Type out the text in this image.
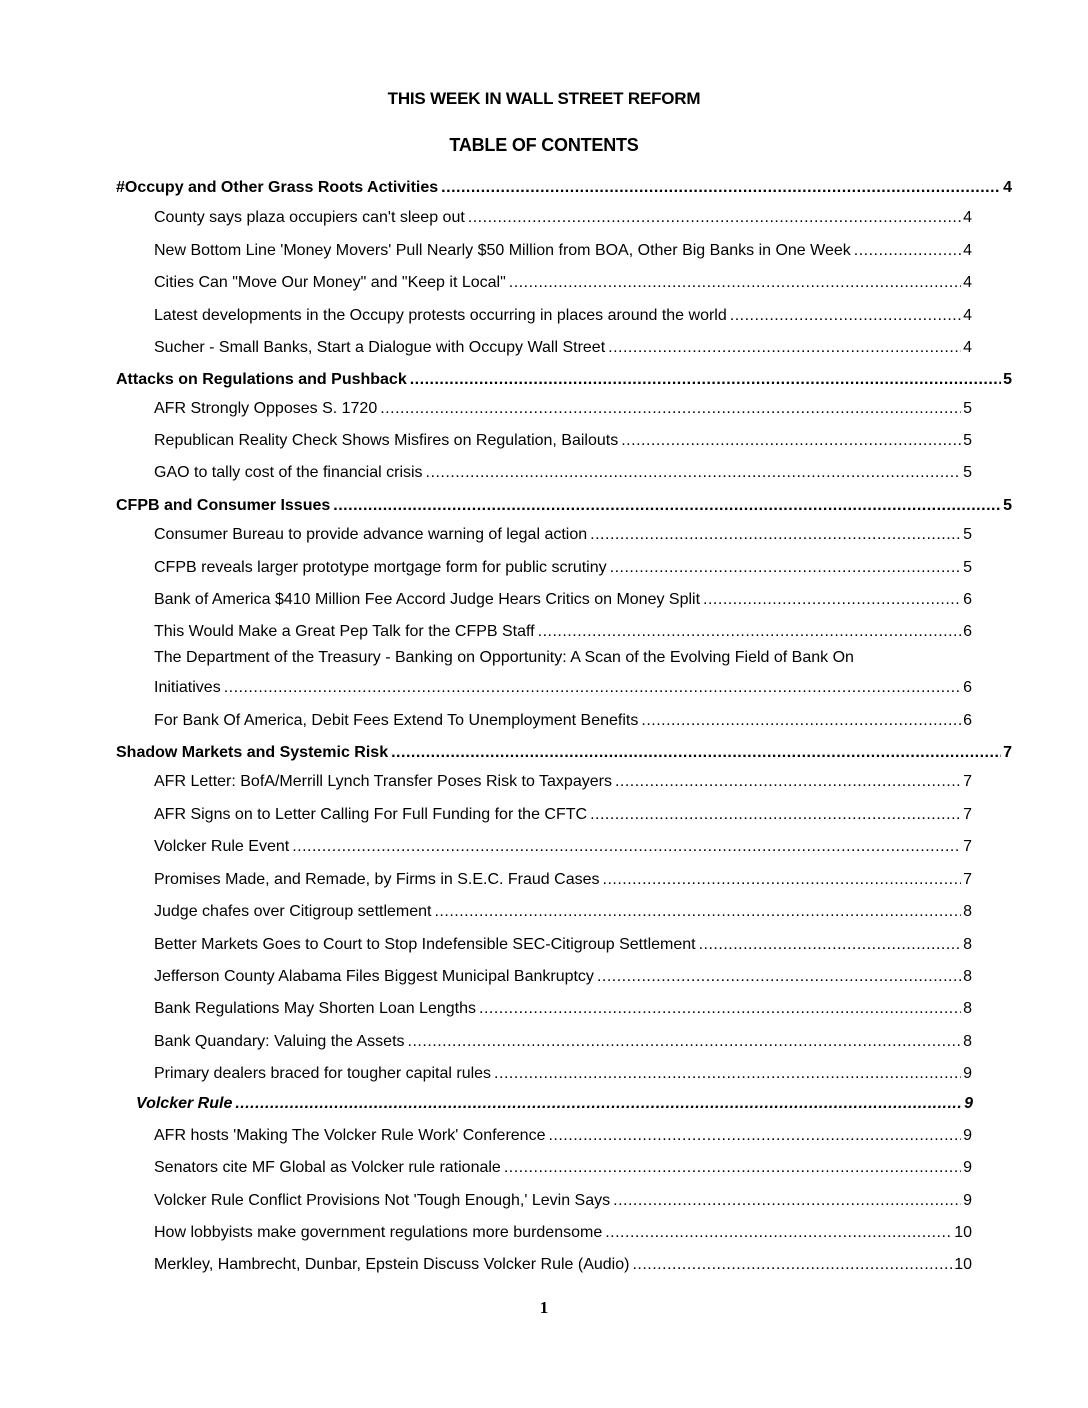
THIS WEEK IN WALL STREET REFORM
TABLE OF CONTENTS
#Occupy and Other Grass Roots Activities .....	4
County says plaza occupiers can't sleep out .....	4
New Bottom Line 'Money Movers' Pull Nearly $50 Million from BOA, Other Big Banks in One Week .....	4
Cities Can "Move Our Money" and "Keep it Local" .....	4
Latest developments in the Occupy protests occurring in places around the world .....	4
Sucher - Small Banks, Start a Dialogue with Occupy Wall Street .....	4
Attacks on Regulations and Pushback .....	5
AFR Strongly Opposes S. 1720 .....	5
Republican Reality Check Shows Misfires on Regulation, Bailouts .....	5
GAO to tally cost of the financial crisis .....	5
CFPB and Consumer Issues .....	5
Consumer Bureau to provide advance warning of legal action .....	5
CFPB reveals larger prototype mortgage form for public scrutiny .....	5
Bank of America $410 Million Fee Accord Judge Hears Critics on Money Split .....	6
This Would Make a Great Pep Talk for the CFPB Staff .....	6
The Department of the Treasury - Banking on Opportunity: A Scan of the Evolving Field of Bank On
Initiatives .....	6
For Bank Of America, Debit Fees Extend To Unemployment Benefits .....	6
Shadow Markets and Systemic Risk .....	7
AFR Letter: BofA/Merrill Lynch Transfer Poses Risk to Taxpayers .....	7
AFR Signs on to Letter Calling For Full Funding for the CFTC .....	7
Volcker Rule Event .....	7
Promises Made, and Remade, by Firms in S.E.C. Fraud Cases .....	7
Judge chafes over Citigroup settlement .....	8
Better Markets Goes to Court to Stop Indefensible SEC-Citigroup Settlement .....	8
Jefferson County Alabama Files Biggest Municipal Bankruptcy .....	8
Bank Regulations May Shorten Loan Lengths .....	8
Bank Quandary: Valuing the Assets .....	8
Primary dealers braced for tougher capital rules .....	9
Volcker Rule .....	9
AFR hosts 'Making The Volcker Rule Work' Conference .....	9
Senators cite MF Global as Volcker rule rationale .....	9
Volcker Rule Conflict Provisions Not 'Tough Enough,' Levin Says .....	9
How lobbyists make government regulations more burdensome .....	10
Merkley, Hambrecht, Dunbar, Epstein Discuss Volcker Rule (Audio) .....	10
1
